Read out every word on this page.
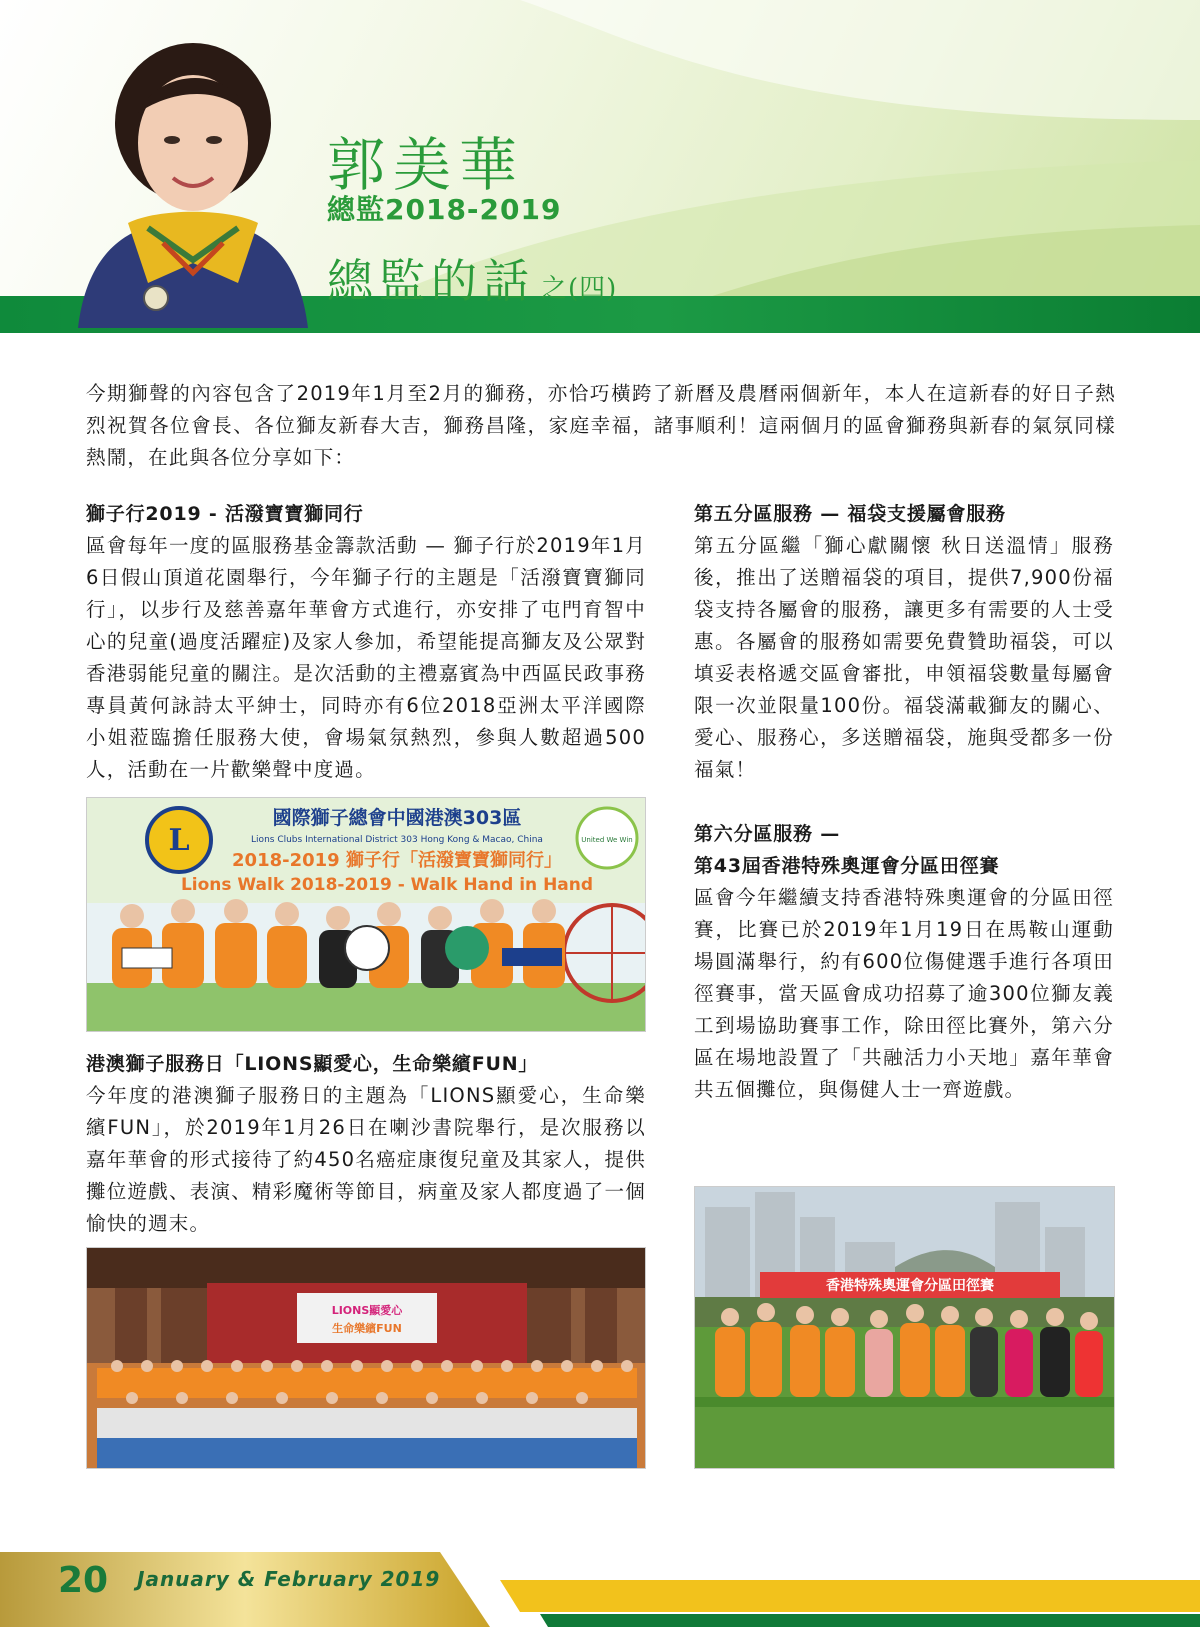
郭美華
總監2018-2019
總監的話 之(四)
今期獅聲的內容包含了2019年1月至2月的獅務，亦恰巧橫跨了新曆及農曆兩個新年，本人在這新春的好日子熱烈祝賀各位會長、各位獅友新春大吉，獅務昌隆，家庭幸福，諸事順利！這兩個月的區會獅務與新春的氣氛同樣熱鬧，在此與各位分享如下：

獅子行2019 - 活潑寶寶獅同行

區會每年一度的區服務基金籌款活動 — 獅子行於2019年1月6日假山頂道花園舉行，今年獅子行的主題是「活潑寶寶獅同行」，以步行及慈善嘉年華會方式進行，亦安排了屯門育智中心的兒童(過度活躍症)及家人參加，希望能提高獅友及公眾對香港弱能兒童的關注。是次活動的主禮嘉賓為中西區民政事務專員黃何詠詩太平紳士，同時亦有6位2018亞洲太平洋國際小姐蒞臨擔任服務大使，會場氣氛熱烈，參與人數超過500人，活動在一片歡樂聲中度過。

L
國際獅子總會中國港澳303區
Lions Clubs International District 303 Hong Kong & Macao, China
2018-2019 獅子行「活潑寶寶獅同行」
Lions Walk 2018-2019 - Walk Hand in Hand
United We Win

港澳獅子服務日「LIONS顯愛心，生命樂繽FUN」

今年度的港澳獅子服務日的主題為「LIONS顯愛心，生命樂繽FUN」，於2019年1月26日在喇沙書院舉行，是次服務以嘉年華會的形式接待了約450名癌症康復兒童及其家人，提供攤位遊戲、表演、精彩魔術等節目，病童及家人都度過了一個愉快的週末。

LIONS顯愛心
生命樂繽FUN

第五分區服務 — 福袋支援屬會服務

第五分區繼「獅心獻關懷 秋日送溫情」服務後，推出了送贈福袋的項目，提供7,900份福袋支持各屬會的服務，讓更多有需要的人士受惠。各屬會的服務如需要免費贊助福袋，可以填妥表格遞交區會審批，申領福袋數量每屬會限一次並限量100份。福袋滿載獅友的關心、愛心、服務心，多送贈福袋，施與受都多一份福氣！

第六分區服務 —

第43屆香港特殊奧運會分區田徑賽

區會今年繼續支持香港特殊奧運會的分區田徑賽，比賽已於2019年1月19日在馬鞍山運動場圓滿舉行，約有600位傷健選手進行各項田徑賽事，當天區會成功招募了逾300位獅友義工到場協助賽事工作，除田徑比賽外，第六分區在場地設置了「共融活力小天地」嘉年華會共五個攤位，與傷健人士一齊遊戲。

香港特殊奧運會分區田徑賽
20 January & February 2019
